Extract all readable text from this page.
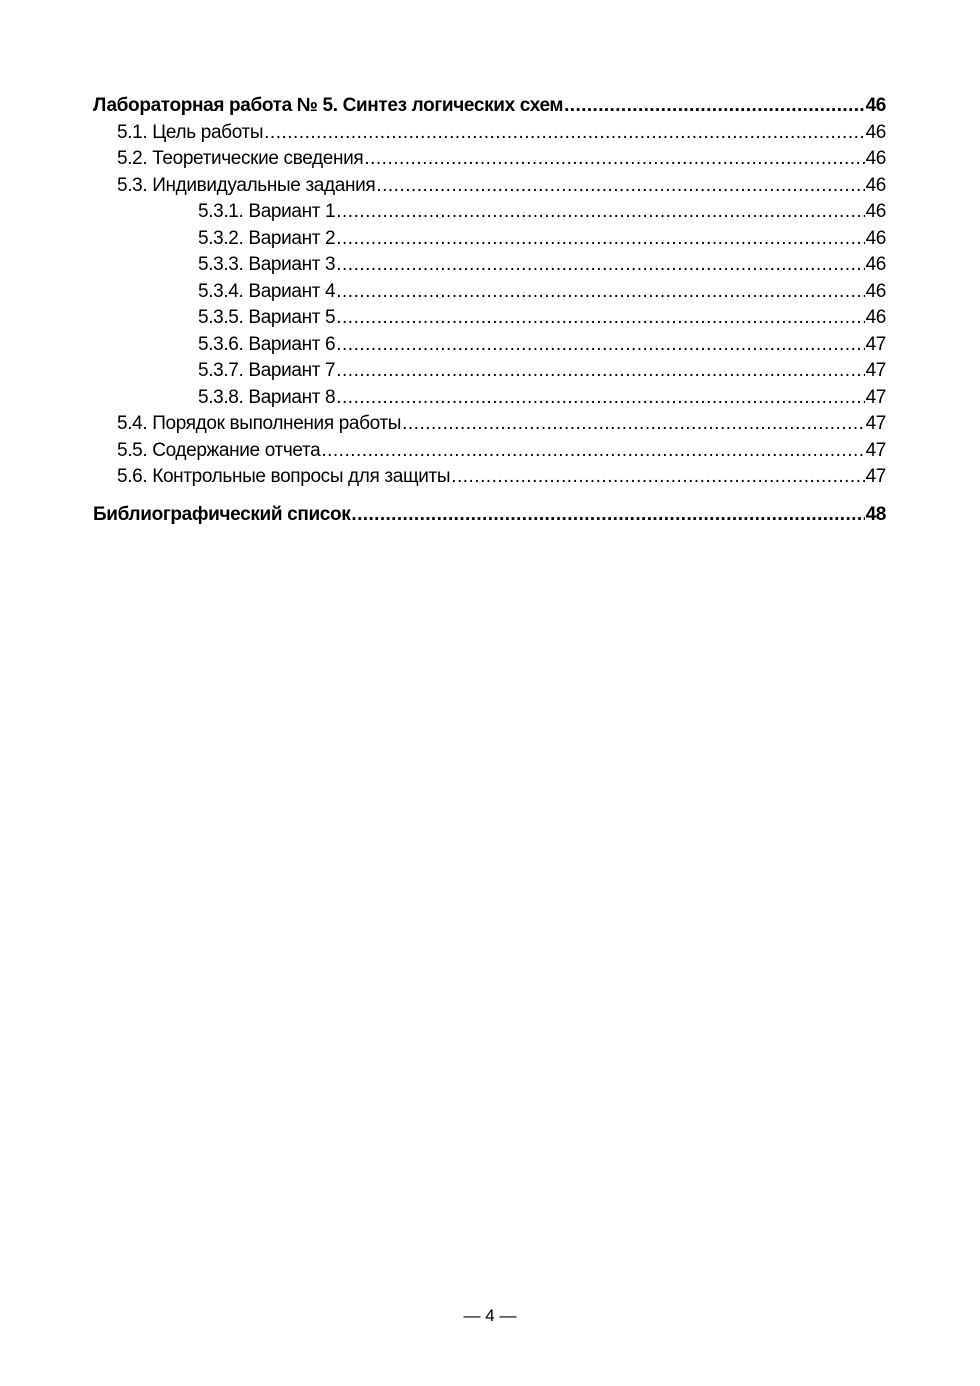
Лабораторная работа № 5. Синтез логических схем .....	46
5.1. Цель работы .....	46
5.2. Теоретические сведения .....	46
5.3. Индивидуальные задания .....	46
5.3.1. Вариант 1 .....	46
5.3.2. Вариант 2 .....	46
5.3.3. Вариант 3 .....	46
5.3.4. Вариант 4 .....	46
5.3.5. Вариант 5 .....	46
5.3.6. Вариант 6 .....	47
5.3.7. Вариант 7 .....	47
5.3.8. Вариант 8 .....	47
5.4. Порядок выполнения работы .....	47
5.5. Содержание отчета .....	47
5.6. Контрольные вопросы для защиты .....	47
Библиографический список .....	48
— 4 —
